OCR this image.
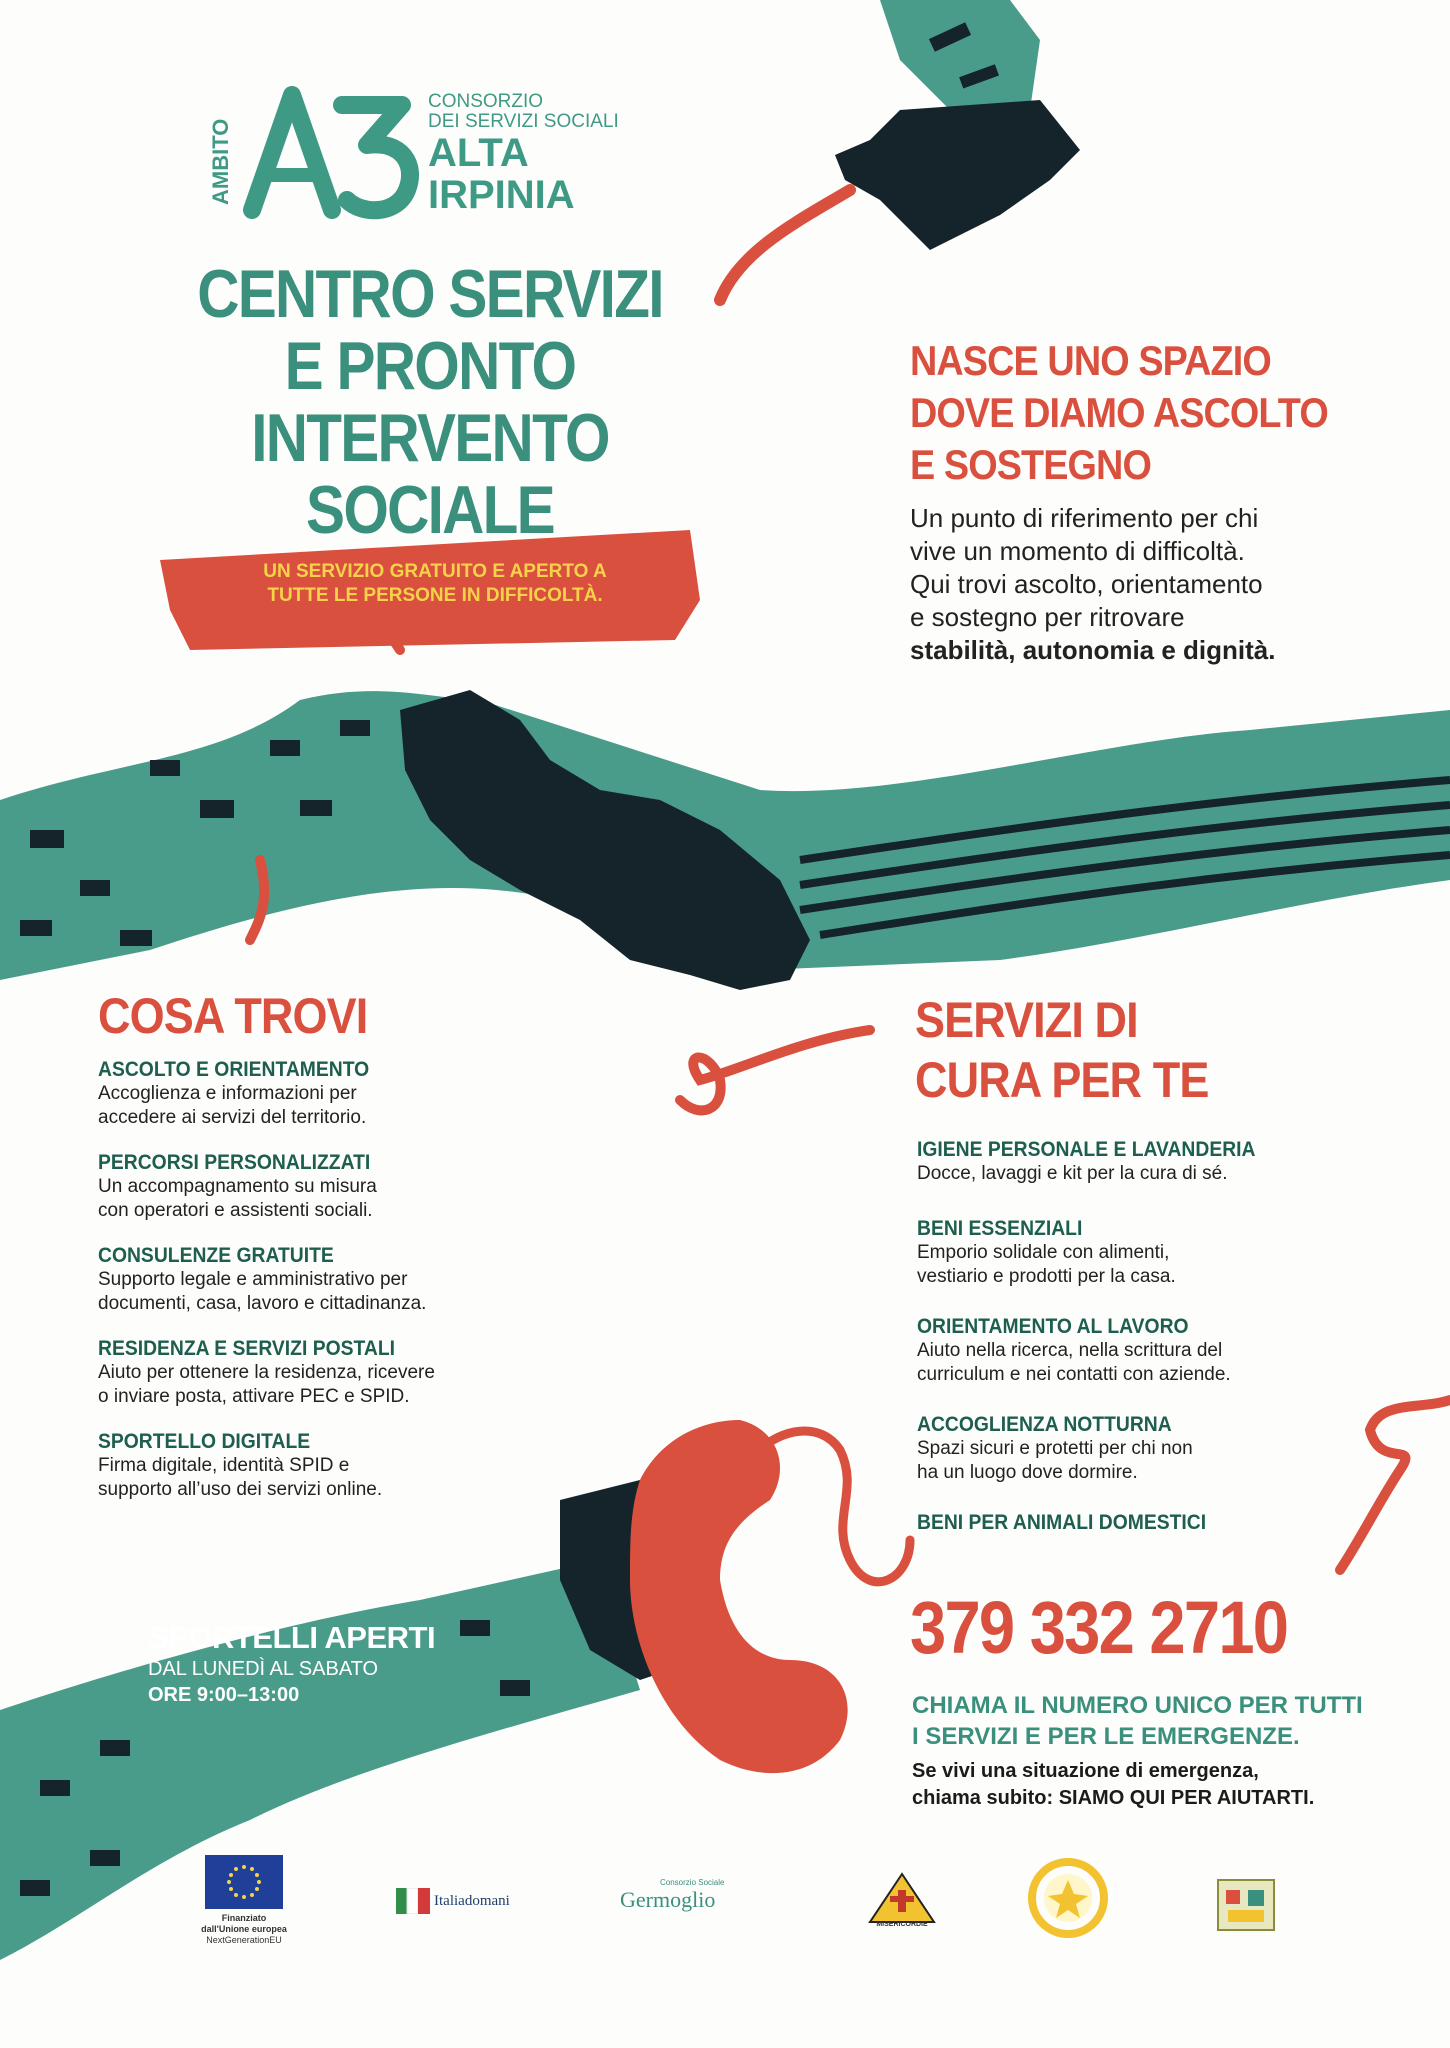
AMBITO
CONSORZIO
DEI SERVIZI SOCIALI
ALTA
IRPINIA
CENTRO SERVIZI
E PRONTO INTERVENTO
SOCIALE
UN SERVIZIO GRATUITO E APERTO A
TUTTE LE PERSONE IN DIFFICOLTÀ.
NASCE UNO SPAZIO
DOVE DIAMO ASCOLTO
E SOSTEGNO
Un punto di riferimento per chi
vive un momento di difficoltà.
Qui trovi ascolto, orientamento
e sostegno per ritrovare
stabilità, autonomia e dignità.
COSA TROVI
ASCOLTO E ORIENTAMENTO
Accoglienza e informazioni per
accedere ai servizi del territorio.
PERCORSI PERSONALIZZATI
Un accompagnamento su misura
con operatori e assistenti sociali.
CONSULENZE GRATUITE
Supporto legale e amministrativo per
documenti, casa, lavoro e cittadinanza.
RESIDENZA E SERVIZI POSTALI
Aiuto per ottenere la residenza, ricevere
o inviare posta, attivare PEC e SPID.
SPORTELLO DIGITALE
Firma digitale, identità SPID e
supporto all’uso dei servizi online.
SERVIZI DI
CURA PER TE
IGIENE PERSONALE E LAVANDERIA
Docce, lavaggi e kit per la cura di sé.
BENI ESSENZIALI
Emporio solidale con alimenti,
vestiario e prodotti per la casa.
ORIENTAMENTO AL LAVORO
Aiuto nella ricerca, nella scrittura del
curriculum e nei contatti con aziende.
ACCOGLIENZA NOTTURNA
Spazi sicuri e protetti per chi non
ha un luogo dove dormire.
BENI PER ANIMALI DOMESTICI
379 332 2710
CHIAMA IL NUMERO UNICO PER TUTTI
I SERVIZI E PER LE EMERGENZE.
Se vivi una situazione di emergenza,
chiama subito: SIAMO QUI PER AIUTARTI.
SPORTELLI APERTI
DAL LUNEDÌ AL SABATO
ORE 9:00–13:00
Finanziato
dall'Unione europea
NextGenerationEU
Italiadomani
Consorzio Sociale
Germoglio
MISERICORDIE
